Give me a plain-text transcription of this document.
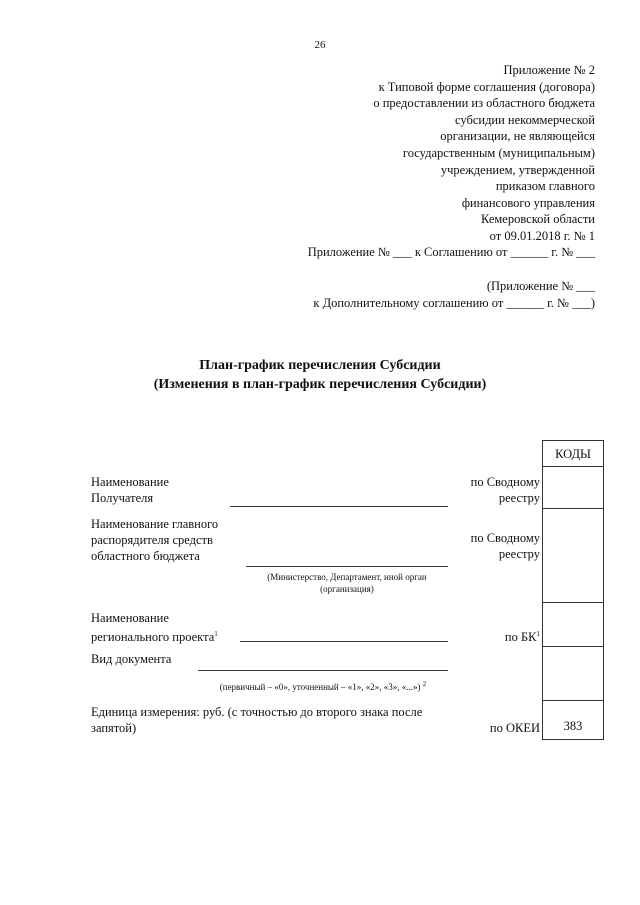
26
Приложение № 2
к Типовой форме соглашения (договора)
о предоставлении из областного бюджета
субсидии некоммерческой
организации, не являющейся
государственным (муниципальным)
учреждением, утвержденной
приказом главного
финансового управления
Кемеровской области
от 09.01.2018 г. № 1
Приложение № ___ к Соглашению от ______ г. № ___
(Приложение № ___
к Дополнительному соглашению от ______ г. № ___)
План-график перечисления Субсидии
(Изменения в план-график перечисления Субсидии)
КОДЫ
383
Наименование
Получателя
по Сводному
реестру
Наименование главного
распорядителя средств
областного бюджета
(Министерство, Департамент, иной орган
(организация)
по Сводному
реестру
Наименование
регионального проекта$^1$	по $БК^1$
Вид документа
(первичный – «0», уточненный – «1», «2», «3», «...») $^2$
Единица измерения: руб. (с точностью до второго знака после
запятой)	по ОКЕИ
